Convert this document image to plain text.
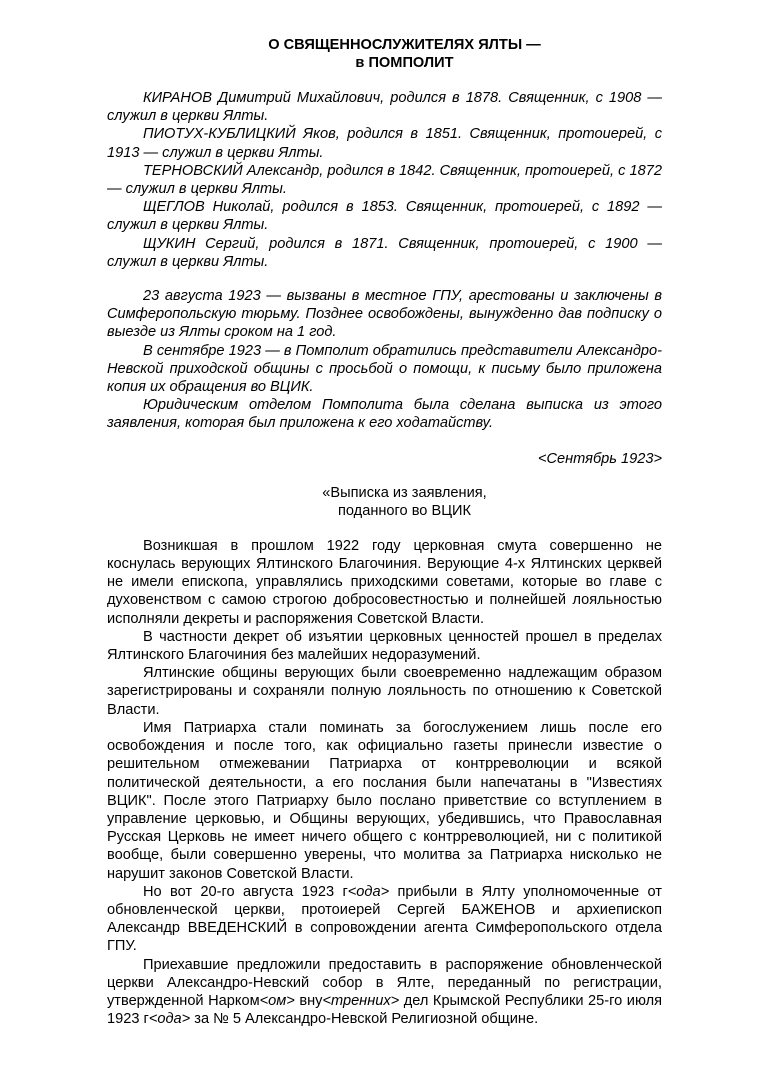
О СВЯЩЕННОСЛУЖИТЕЛЯХ ЯЛТЫ —
в ПОМПОЛИТ

КИРАНОВ Димитрий Михайлович, родился в 1878. Священник, с 1908 — служил в церкви Ялты.

ПИОТУХ-КУБЛИЦКИЙ Яков, родился в 1851. Священник, протоиерей, с 1913 — служил в церкви Ялты.

ТЕРНОВСКИЙ Александр, родился в 1842. Священник, протоиерей, с 1872 — служил в церкви Ялты.

ЩЕГЛОВ Николай, родился в 1853. Священник, протоиерей, с 1892 — служил в церкви Ялты.

ЩУКИН Сергий, родился в 1871. Священник, протоиерей, с 1900 — служил в церкви Ялты.

23 августа 1923 — вызваны в местное ГПУ, арестованы и заключены в Симферопольскую тюрьму. Позднее освобождены, вынужденно дав подписку о выезде из Ялты сроком на 1 год.

В сентябре 1923 — в Помполит обратились представители Александро-Невской приходской общины с просьбой о помощи, к письму было приложена копия их обращения во ВЦИК.

Юридическим отделом Помполита была сделана выписка из этого заявления, которая был приложена к его ходатайству.

<Сентябрь 1923>
«Выписка из заявления,
поданного во ВЦИК

Возникшая в прошлом 1922 году церковная смута совершенно не коснулась верующих Ялтинского Благочиния. Верующие 4-х Ялтинских церквей не имели епископа, управлялись приходскими советами, которые во главе с духовенством с самою строгою добросовестностью и полнейшей лояльностью исполняли декреты и распоряжения Советской Власти.

В частности декрет об изъятии церковных ценностей прошел в пределах Ялтинского Благочиния без малейших недоразумений.

Ялтинские общины верующих были своевременно надлежащим образом зарегистрированы и сохраняли полную лояльность по отношению к Советской Власти.

Имя Патриарха стали поминать за богослужением лишь после его освобождения и после того, как официально газеты принесли известие о решительном отмежевании Патриарха от контрреволюции и всякой политической деятельности, а его послания были напечатаны в "Известиях ВЦИК". После этого Патриарху было послано приветствие со вступлением в управление церковью, и Общины верующих, убедившись, что Православная Русская Церковь не имеет ничего общего с контрреволюцией, ни с политикой вообще, были совершенно уверены, что молитва за Патриарха нисколько не нарушит законов Советской Власти.

Но вот 20-го августа 1923 г<ода> прибыли в Ялту уполномоченные от обновленческой церкви, протоиерей Сергей БАЖЕНОВ и архиепископ Александр ВВЕДЕНСКИЙ в сопровождении агента Симферопольского отдела ГПУ.

Приехавшие предложили предоставить в распоряжение обновленческой церкви Александро-Невский собор в Ялте, переданный по регистрации, утвержденной Нарком<ом> вну<тренних> дел Крымской Республики 25-го июля 1923 г<ода> за № 5 Александро-Невской Религиозной общине.
